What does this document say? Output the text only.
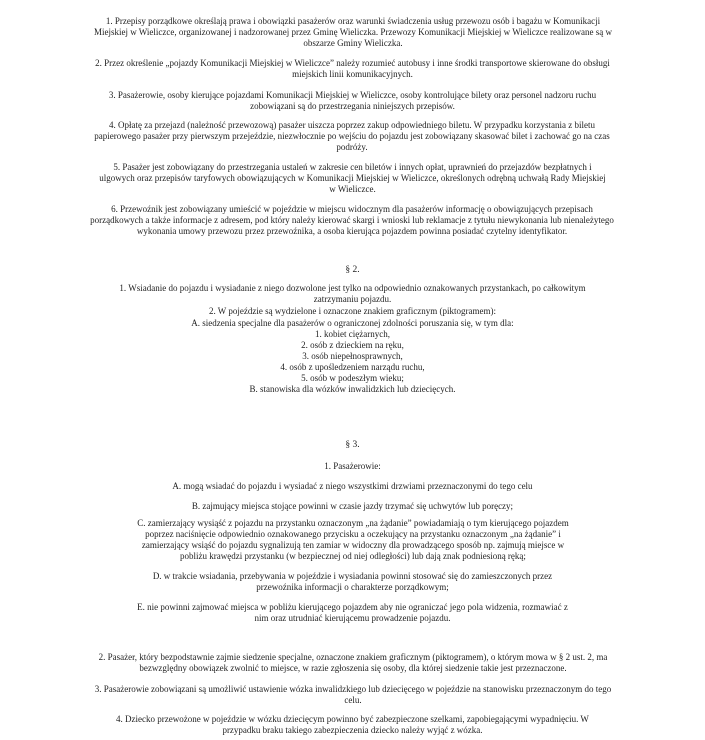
1. Przepisy porządkowe określają prawa i obowiązki pasażerów oraz warunki świadczenia usług przewozu osób i bagażu w Komunikacji Miejskiej w Wieliczce, organizowanej i nadzorowanej przez Gminę Wieliczka. Przewozy Komunikacji Miejskiej w Wieliczce realizowane są w obszarze Gminy Wieliczka.
2. Przez określenie „pojazdy Komunikacji Miejskiej w Wieliczce” należy rozumieć autobusy i inne środki transportowe skierowane do obsługi miejskich linii komunikacyjnych.
3. Pasażerowie, osoby kierujące pojazdami Komunikacji Miejskiej w Wieliczce, osoby kontrolujące bilety oraz personel nadzoru ruchu zobowiązani są do przestrzegania niniejszych przepisów.
4. Opłatę za przejazd (należność przewozową) pasażer uiszcza poprzez zakup odpowiedniego biletu. W przypadku korzystania z biletu papierowego pasażer przy pierwszym przejeździe, niezwłocznie po wejściu do pojazdu jest zobowiązany skasować bilet i zachować go na czas podróży.
5. Pasażer jest zobowiązany do przestrzegania ustaleń w zakresie cen biletów i innych opłat, uprawnień do przejazdów bezpłatnych i ulgowych oraz przepisów taryfowych obowiązujących w Komunikacji Miejskiej w Wieliczce, określonych odrębną uchwałą Rady Miejskiej w Wieliczce.
6. Przewoźnik jest zobowiązany umieścić w pojeździe w miejscu widocznym dla pasażerów informację o obowiązujących przepisach porządkowych a także informacje z adresem, pod który należy kierować skargi i wnioski lub reklamacje z tytułu niewykonania lub nienależytego wykonania umowy przewozu przez przewoźnika, a osoba kierująca pojazdem powinna posiadać czytelny identyfikator.
§ 2.
1. Wsiadanie do pojazdu i wysiadanie z niego dozwolone jest tylko na odpowiednio oznakowanych przystankach, po całkowitym zatrzymaniu pojazdu.
2. W pojeździe są wydzielone i oznaczone znakiem graficznym (piktogramem):
A. siedzenia specjalne dla pasażerów o ograniczonej zdolności poruszania się, w tym dla:
1. kobiet ciężarnych,
2. osób z dzieckiem na ręku,
3. osób niepełnosprawnych,
4. osób z upośledzeniem narządu ruchu,
5. osób w podeszłym wieku;
B. stanowiska dla wózków inwalidzkich lub dziecięcych.
§ 3.
1. Pasażerowie:
A. mogą wsiadać do pojazdu i wysiadać z niego wszystkimi drzwiami przeznaczonymi do tego celu
B. zajmujący miejsca stojące powinni w czasie jazdy trzymać się uchwytów lub poręczy;
C. zamierzający wysiąść z pojazdu na przystanku oznaczonym „na żądanie” powiadamiają o tym kierującego pojazdem poprzez naciśnięcie odpowiednio oznakowanego przycisku a oczekujący na przystanku oznaczonym „na żądanie” i zamierzający wsiąść do pojazdu sygnalizują ten zamiar w widoczny dla prowadzącego sposób np. zajmują miejsce w pobliżu krawędzi przystanku (w bezpiecznej od niej odległości) lub dają znak podniesioną ręką;
D. w trakcie wsiadania, przebywania w pojeździe i wysiadania powinni stosować się do zamieszczonych przez przewoźnika informacji o charakterze porządkowym;
E. nie powinni zajmować miejsca w pobliżu kierującego pojazdem aby nie ograniczać jego pola widzenia, rozmawiać z nim oraz utrudniać kierującemu prowadzenie pojazdu.
2. Pasażer, który bezpodstawnie zajmie siedzenie specjalne, oznaczone znakiem graficznym (piktogramem), o którym mowa w § 2 ust. 2, ma bezwzględny obowiązek zwolnić to miejsce, w razie zgłoszenia się osoby, dla której siedzenie takie jest przeznaczone.
3. Pasażerowie zobowiązani są umożliwić ustawienie wózka inwalidzkiego lub dziecięcego w pojeździe na stanowisku przeznaczonym do tego celu.
4. Dziecko przewożone w pojeździe w wózku dziecięcym powinno być zabezpieczone szelkami, zapobiegającymi wypadnięciu. W przypadku braku takiego zabezpieczenia dziecko należy wyjąć z wózka.
